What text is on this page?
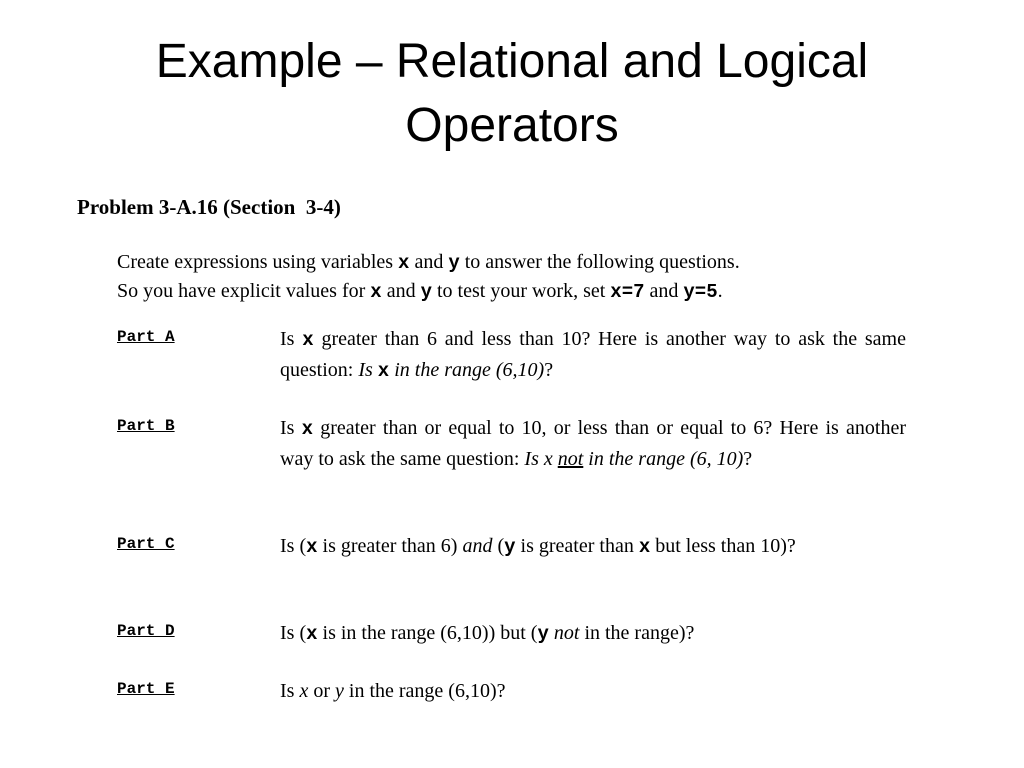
Example – Relational and Logical
Operators
Problem 3-A.16 (Section  3-4)
Create expressions using variables x and y to answer the following questions.
So you have explicit values for x and y to test your work, set x=7 and y=5.
Part A	Is x greater than 6 and less than 10? Here is another way to ask the same question: Is x in the range (6,10)?
Part B	Is x greater than or equal to 10, or less than or equal to 6? Here is another way to ask the same question: Is x not in the range (6, 10)?
Part C	Is (x is greater than 6) and (y is greater than x but less than 10)?
Part D	Is (x is in the range (6,10)) but (y not in the range)?
Part E	Is x or y in the range (6,10)?
